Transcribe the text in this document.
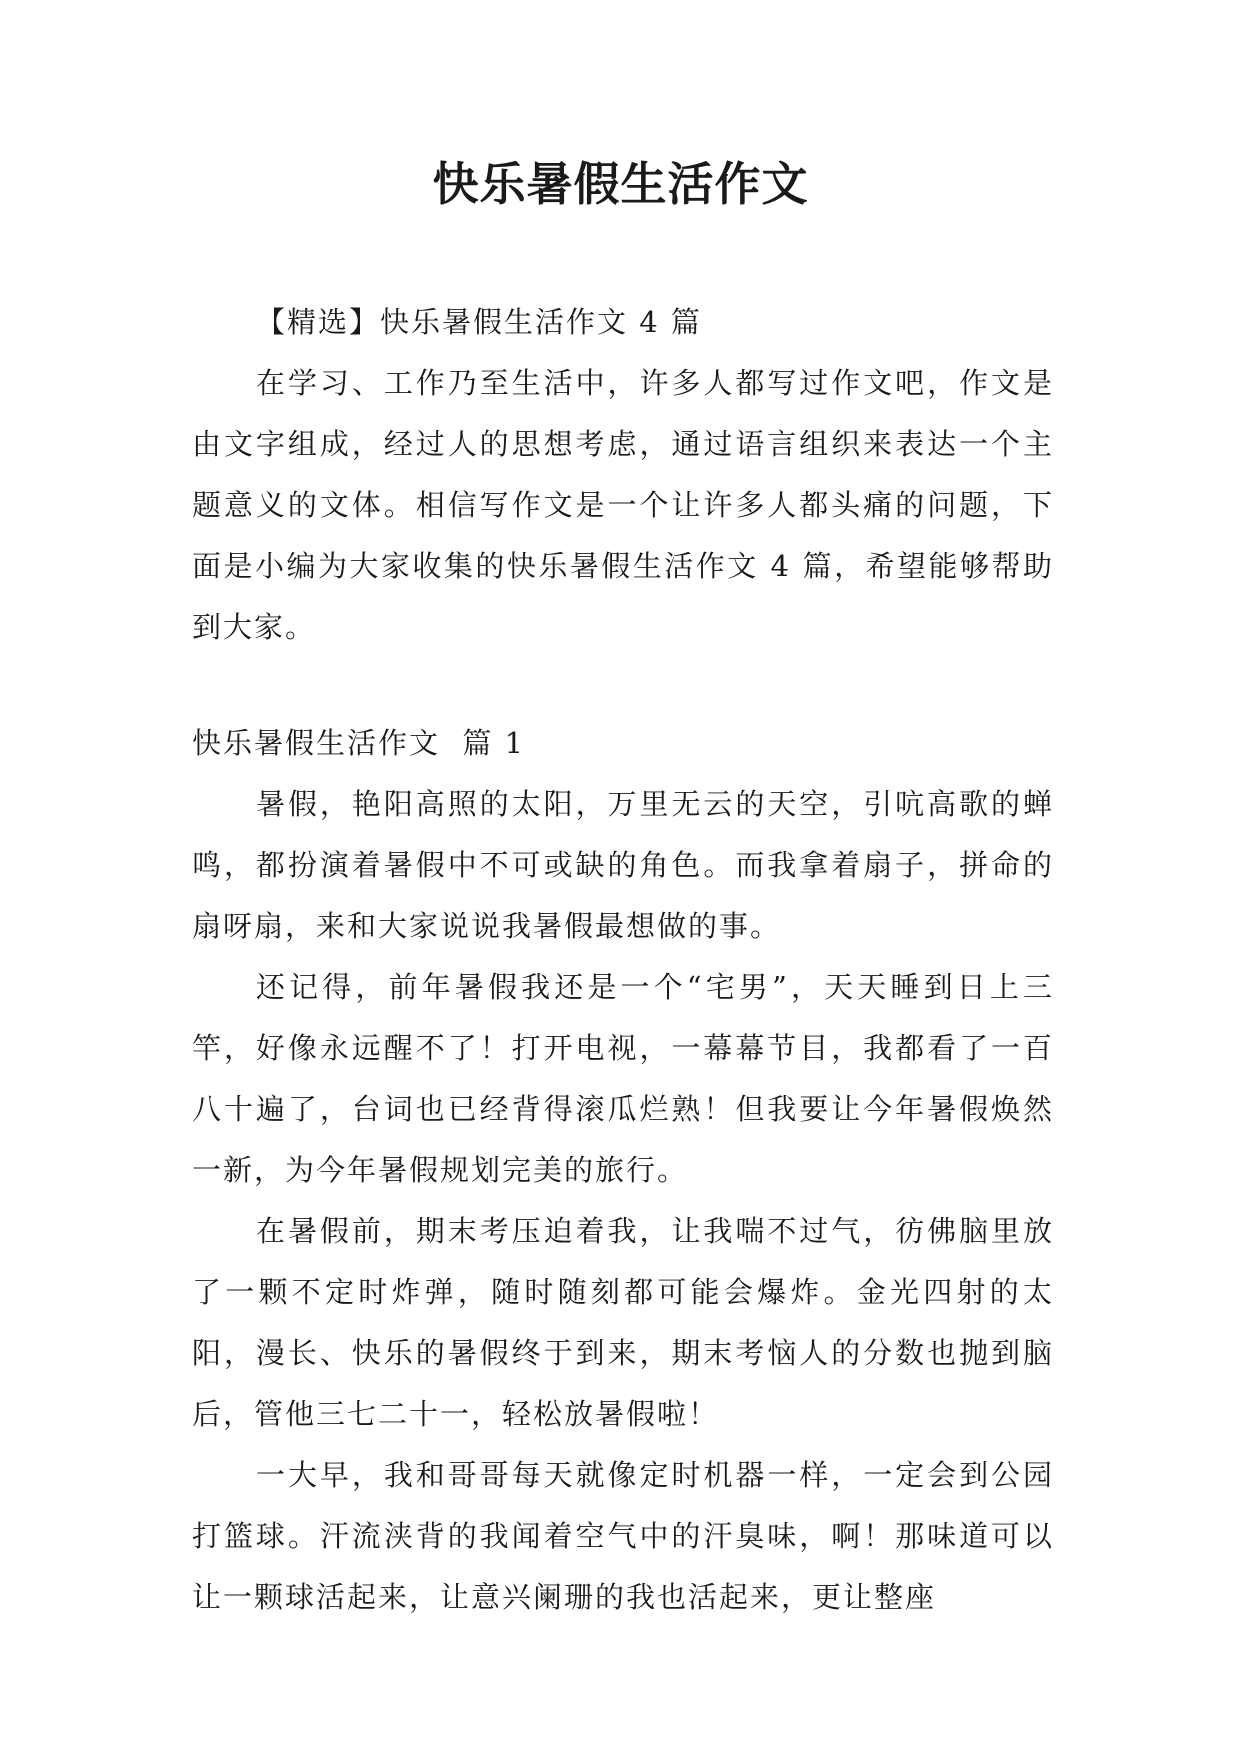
快乐暑假生活作文

【精选】快乐暑假生活作文 4 篇

在学习、工作乃至生活中，许多人都写过作文吧，作文是由文字组成，经过人的思想考虑，通过语言组织来表达一个主题意义的文体。相信写作文是一个让许多人都头痛的问题，下面是小编为大家收集的快乐暑假生活作文 4 篇，希望能够帮助到大家。

快乐暑假生活作文  篇 1

暑假，艳阳高照的太阳，万里无云的天空，引吭高歌的蝉鸣，都扮演着暑假中不可或缺的角色。而我拿着扇子，拼命的扇呀扇，来和大家说说我暑假最想做的事。

还记得，前年暑假我还是一个“宅男”，天天睡到日上三竿，好像永远醒不了！打开电视，一幕幕节目，我都看了一百八十遍了，台词也已经背得滚瓜烂熟！但我要让今年暑假焕然一新，为今年暑假规划完美的旅行。

在暑假前，期末考压迫着我，让我喘不过气，彷佛脑里放了一颗不定时炸弹，随时随刻都可能会爆炸。金光四射的太阳，漫长、快乐的暑假终于到来，期末考恼人的分数也抛到脑后，管他三七二十一，轻松放暑假啦！

一大早，我和哥哥每天就像定时机器一样，一定会到公园打篮球。汗流浃背的我闻着空气中的汗臭味，啊！那味道可以让一颗球活起来，让意兴阑珊的我也活起来，更让整座
